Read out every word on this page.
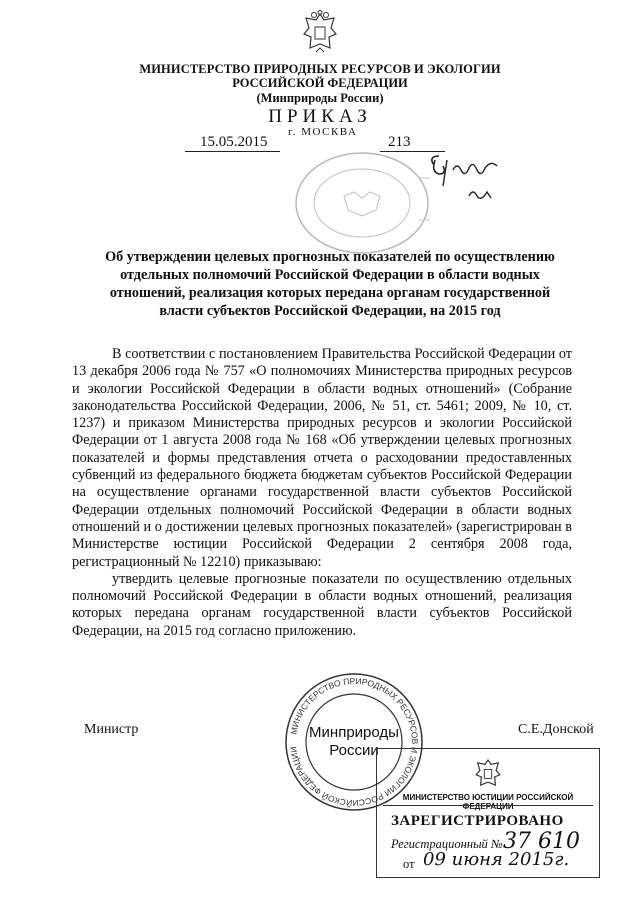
МИНИСТЕРСТВО ПРИРОДНЫХ РЕСУРСОВ И ЭКОЛОГИИ
РОССИЙСКОЙ ФЕДЕРАЦИИ
(Минприроды России)
ПРИКАЗ
15.05.2015
г. МОСКВА
213
Об утверждении целевых прогнозных показателей по осуществлению отдельных полномочий Российской Федерации в области водных отношений, реализация которых передана органам государственной власти субъектов Российской Федерации, на 2015 год

В соответствии с постановлением Правительства Российской Федерации от 13 декабря 2006 года № 757 «О полномочиях Министерства природных ресурсов и экологии Российской Федерации в области водных отношений» (Собрание законодательства Российской Федерации, 2006, № 51, ст. 5461; 2009, № 10, ст. 1237) и приказом Министерства природных ресурсов и экологии Российской Федерации от 1 августа 2008 года № 168 «Об утверждении целевых прогнозных показателей и формы представления отчета о расходовании предоставленных субвенций из федерального бюджета бюджетам субъектов Российской Федерации на осуществление органами государственной власти субъектов Российской Федерации отдельных полномочий Российской Федерации в области водных отношений и о достижении целевых прогнозных показателей» (зарегистрирован в Министерстве юстиции Российской Федерации 2 сентября 2008 года, регистрационный № 12210) приказываю:

утвердить целевые прогнозные показатели по осуществлению отдельных полномочий Российской Федерации в области водных отношений, реализация которых передана органам государственной власти субъектов Российской Федерации, на 2015 год согласно приложению.

Министр	С.Е.Донской
МИНИСТЕРСТВО ПРИРОДНЫХ РЕСУРСОВ И ЭКОЛОГИИ РОССИЙСКОЙ ФЕДЕРАЦИИ
Минприроды
России
МИНИСТЕРСТВО ЮСТИЦИИ РОССИЙСКОЙ ФЕДЕРАЦИИ
ЗАРЕГИСТРИРОВАНО
Регистрационный № 37 610
от 09 июня 2015г.
